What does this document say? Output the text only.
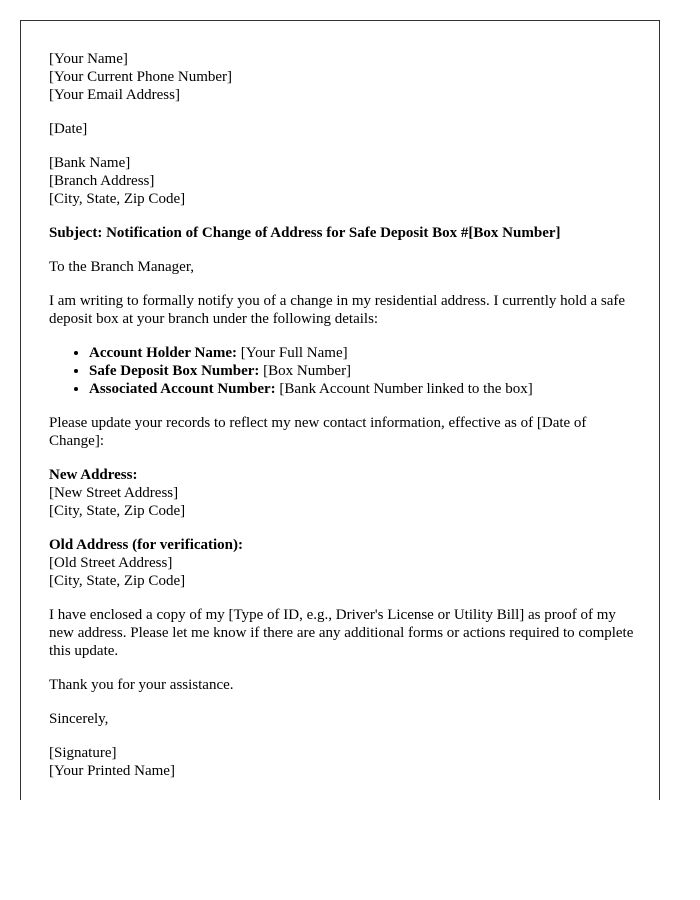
[Your Name]
[Your Current Phone Number]
[Your Email Address]

[Date]

[Bank Name]
[Branch Address]
[City, State, Zip Code]

Subject: Notification of Change of Address for Safe Deposit Box #[Box Number]

To the Branch Manager,

I am writing to formally notify you of a change in my residential address. I currently hold a safe deposit box at your branch under the following details:

• Account Holder Name: [Your Full Name]
• Safe Deposit Box Number: [Box Number]
• Associated Account Number: [Bank Account Number linked to the box]

Please update your records to reflect my new contact information, effective as of [Date of Change]:

New Address:
[New Street Address]
[City, State, Zip Code]
Old Address (for verification):
[Old Street Address]
[City, State, Zip Code]

I have enclosed a copy of my [Type of ID, e.g., Driver's License or Utility Bill] as proof of my new address. Please let me know if there are any additional forms or actions required to complete this update.

Thank you for your assistance.

Sincerely,

[Signature]
[Your Printed Name]
